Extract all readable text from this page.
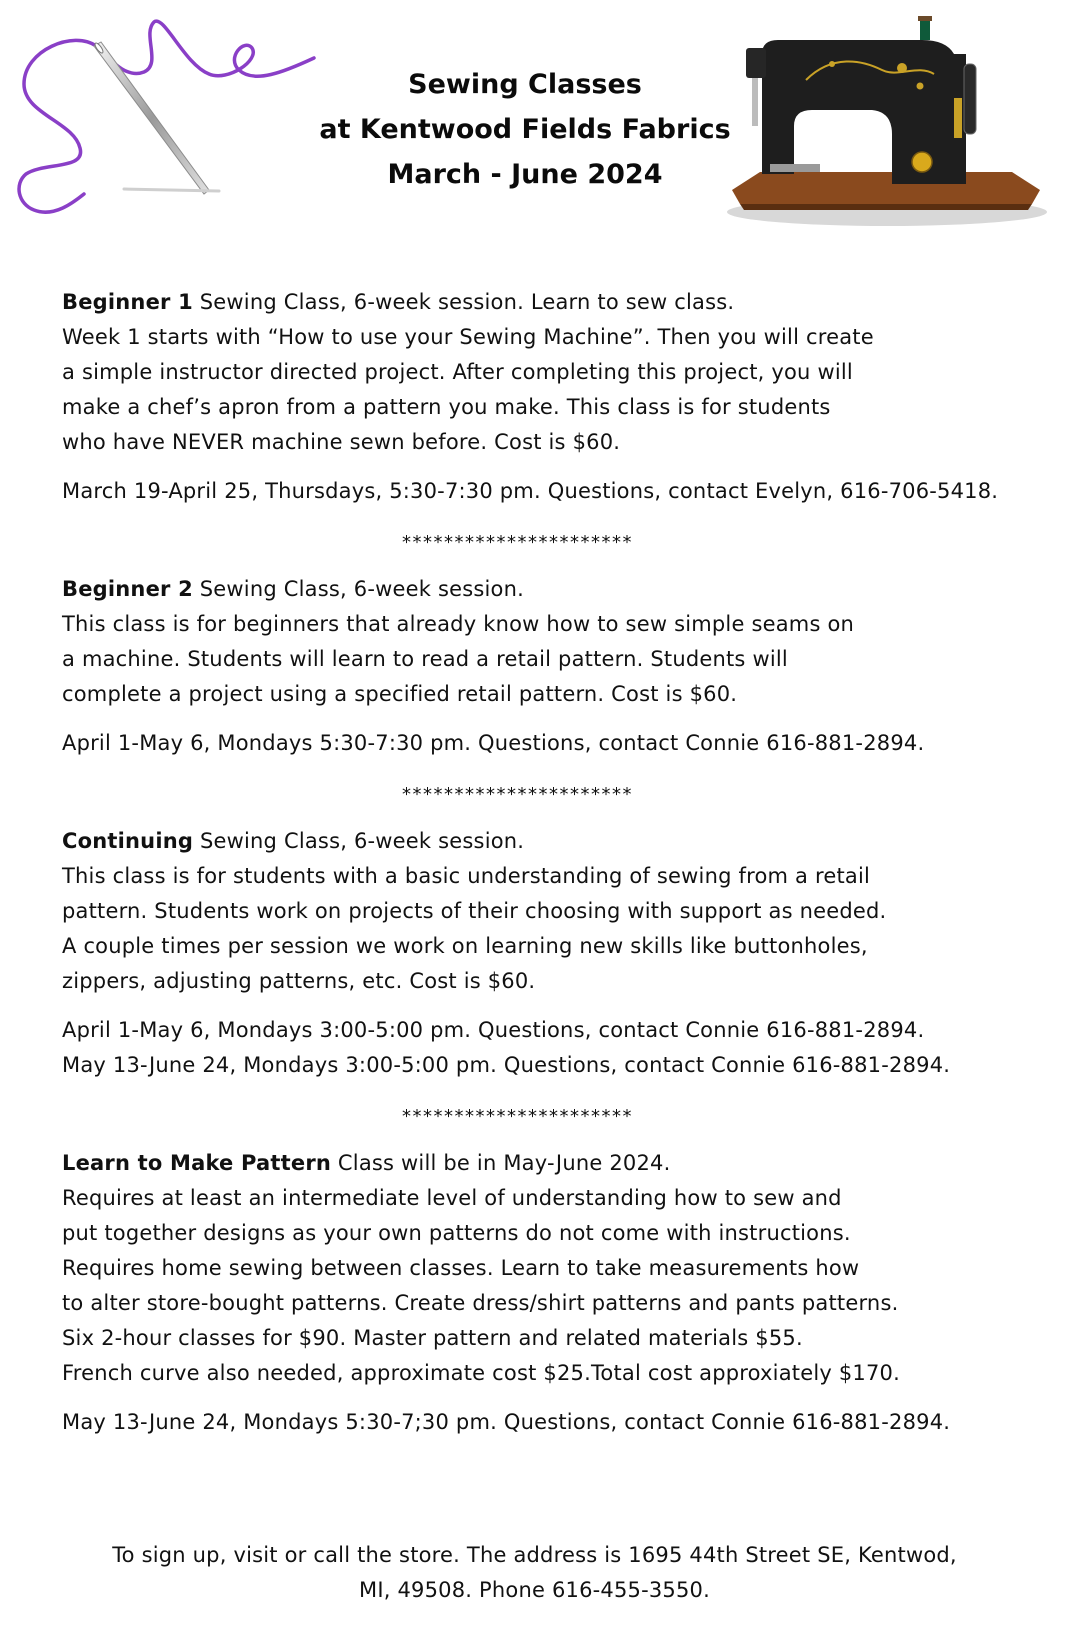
Sewing Classes
at Kentwood Fields Fabrics
March - June 2024
Beginner 1 Sewing Class, 6-week session. Learn to sew class.
Week 1 starts with “How to use your Sewing Machine”. Then you will create
a simple instructor directed project. After completing this project, you will
make a chef’s apron from a pattern you make. This class is for students
who have NEVER machine sewn before. Cost is $60.
March 19-April 25, Thursdays, 5:30-7:30 pm. Questions, contact Evelyn, 616-706-5418.
**********************
Beginner 2 Sewing Class, 6-week session.
This class is for beginners that already know how to sew simple seams on
a machine. Students will learn to read a retail pattern. Students will
complete a project using a specified retail pattern. Cost is $60.
April 1-May 6, Mondays 5:30-7:30 pm. Questions, contact Connie 616-881-2894.
**********************
Continuing Sewing Class, 6-week session.
This class is for students with a basic understanding of sewing from a retail
pattern. Students work on projects of their choosing with support as needed.
A couple times per session we work on learning new skills like buttonholes,
zippers, adjusting patterns, etc. Cost is $60.
April 1-May 6, Mondays 3:00-5:00 pm. Questions, contact Connie 616-881-2894.
May 13-June 24, Mondays 3:00-5:00 pm. Questions, contact Connie 616-881-2894.
**********************
Learn to Make Pattern Class will be in May-June 2024.
Requires at least an intermediate level of understanding how to sew and
put together designs as your own patterns do not come with instructions.
Requires home sewing between classes. Learn to take measurements how
to alter store-bought patterns. Create dress/shirt patterns and pants patterns.
Six 2-hour classes for $90. Master pattern and related materials $55.
French curve also needed, approximate cost $25.Total cost approxiately $170.
May 13-June 24, Mondays 5:30-7;30 pm. Questions, contact Connie 616-881-2894.
To sign up, visit or call the store. The address is 1695 44th Street SE, Kentwod,
MI, 49508. Phone 616-455-3550.
